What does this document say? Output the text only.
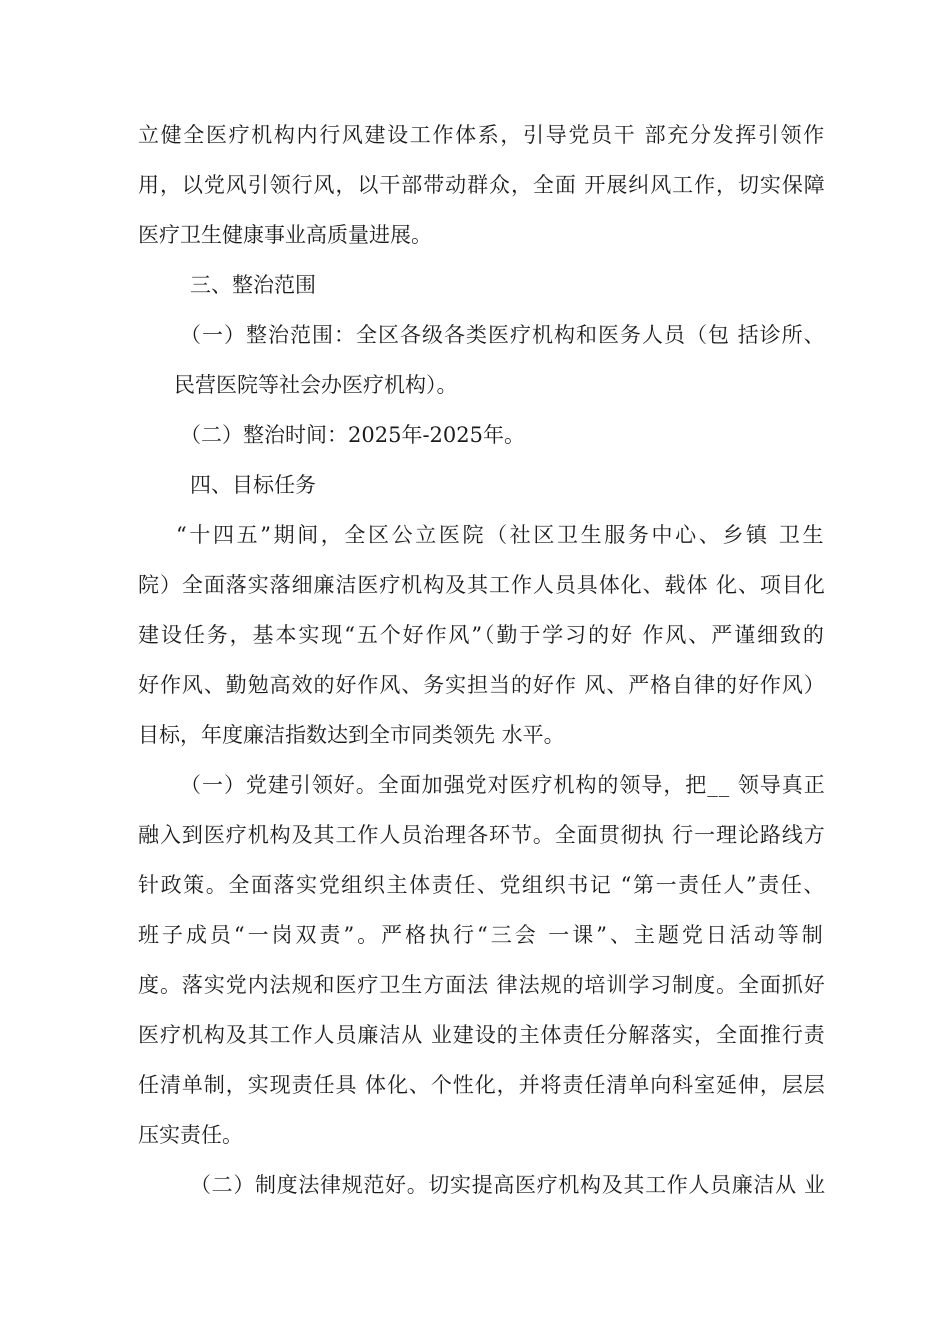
立健全医疗机构内行风建设工作体系，引导党员干 部充分发挥引领作

用，以党风引领行风，以干部带动群众，全面 开展纠风工作，切实保障

医疗卫生健康事业高质量进展。

三、整治范围

（一）整治范围：全区各级各类医疗机构和医务人员（包 括诊所、

民营医院等社会办医疗机构）。

（二）整治时间：2025年-2025年。

四、目标任务

“十四五”期间，全区公立医院（社区卫生服务中心、乡镇 卫生

院）全面落实落细廉洁医疗机构及其工作人员具体化、载体 化、项目化

建设任务，基本实现“五个好作风”（勤于学习的好 作风、严谨细致的

好作风、勤勉高效的好作风、务实担当的好作 风、严格自律的好作风）

目标，年度廉洁指数达到全市同类领先 水平。

（一）党建引领好。全面加强党对医疗机构的领导，把__ 领导真正

融入到医疗机构及其工作人员治理各环节。全面贯彻执 行一理论路线方

针政策。全面落实党组织主体责任、党组织书记 “第一责任人”责任、

班子成员“一岗双责”。严格执行“三会 一课”、主题党日活动等制

度。落实党内法规和医疗卫生方面法 律法规的培训学习制度。全面抓好

医疗机构及其工作人员廉洁从 业建设的主体责任分解落实，全面推行责

任清单制，实现责任具 体化、个性化，并将责任清单向科室延伸，层层

压实责任。

（二）制度法律规范好。切实提高医疗机构及其工作人员廉洁从 业
